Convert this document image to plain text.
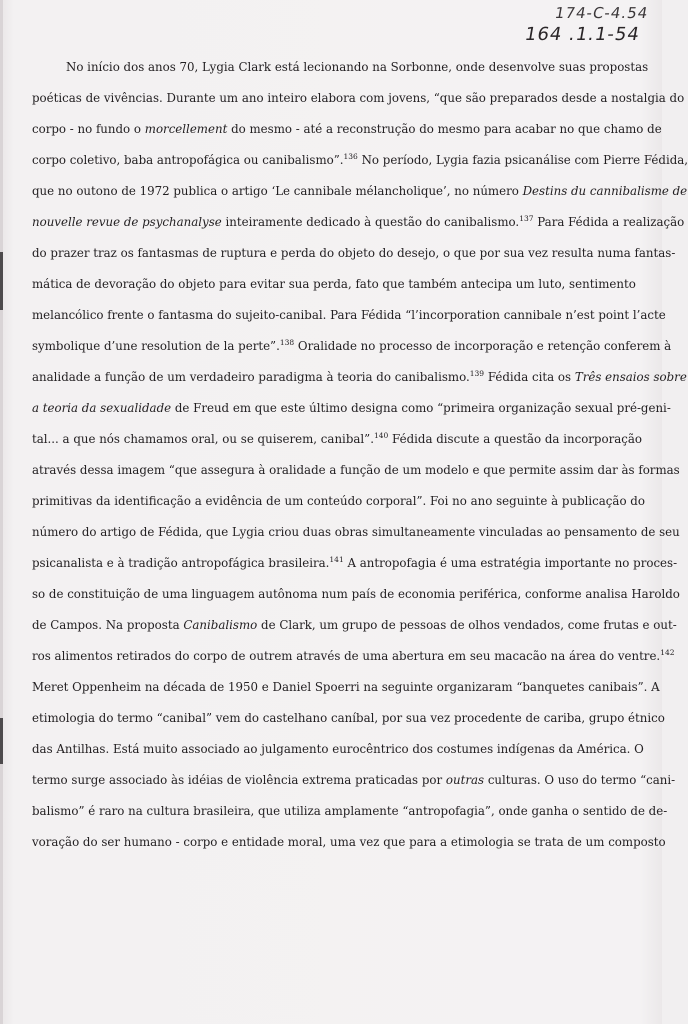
174-C-4.54
164 .1.1-54
No início dos anos 70, Lygia Clark está lecionando na Sorbonne, onde desenvolve suas propostas
poéticas de vivências. Durante um ano inteiro elabora com jovens, “que são preparados desde a nostalgia do
corpo - no fundo o morcellement do mesmo - até a reconstrução do mesmo para acabar no que chamo de
corpo coletivo, baba antropofágica ou canibalismo”.$^{136}$ No período, Lygia fazia psicanálise com Pierre Fédida,
que no outono de 1972 publica o artigo ‘Le cannibale mélancholique’, no número Destins du cannibalisme de
nouvelle revue de psychanalyse inteiramente dedicado à questão do canibalismo.$^{137}$ Para Fédida a realização
do prazer traz os fantasmas de ruptura e perda do objeto do desejo, o que por sua vez resulta numa fantas-
mática de devoração do objeto para evitar sua perda, fato que também antecipa um luto, sentimento
melancólico frente o fantasma do sujeito-canibal. Para Fédida “l’incorporation cannibale n’est point l’acte
symbolique d’une resolution de la perte”.$^{138}$ Oralidade no processo de incorporação e retenção conferem à
analidade a função de um verdadeiro paradigma à teoria do canibalismo.$^{139}$ Fédida cita os Três ensaios sobre
a teoria da sexualidade de Freud em que este último designa como “primeira organização sexual pré-geni-
tal... a que nós chamamos oral, ou se quiserem, canibal”.$^{140}$ Fédida discute a questão da incorporação
através dessa imagem “que assegura à oralidade a função de um modelo e que permite assim dar às formas
primitivas da identificação a evidência de um conteúdo corporal”. Foi no ano seguinte à publicação do
número do artigo de Fédida, que Lygia criou duas obras simultaneamente vinculadas ao pensamento de seu
psicanalista e à tradição antropofágica brasileira.$^{141}$ A antropofagia é uma estratégia importante no proces-
so de constituição de uma linguagem autônoma num país de economia periférica, conforme analisa Haroldo
de Campos. Na proposta Canibalismo de Clark, um grupo de pessoas de olhos vendados, come frutas e out-
ros alimentos retirados do corpo de outrem através de uma abertura em seu macacão na área do ventre.$^{142}$
Meret Oppenheim na década de 1950 e Daniel Spoerri na seguinte organizaram “banquetes canibais”. A
etimologia do termo “canibal” vem do castelhano caníbal, por sua vez procedente de cariba, grupo étnico
das Antilhas. Está muito associado ao julgamento eurocêntrico dos costumes indígenas da América. O
termo surge associado às idéias de violência extrema praticadas por outras culturas. O uso do termo “cani-
balismo” é raro na cultura brasileira, que utiliza amplamente “antropofagia”, onde ganha o sentido de de-
voração do ser humano - corpo e entidade moral, uma vez que para a etimologia se trata de um composto
